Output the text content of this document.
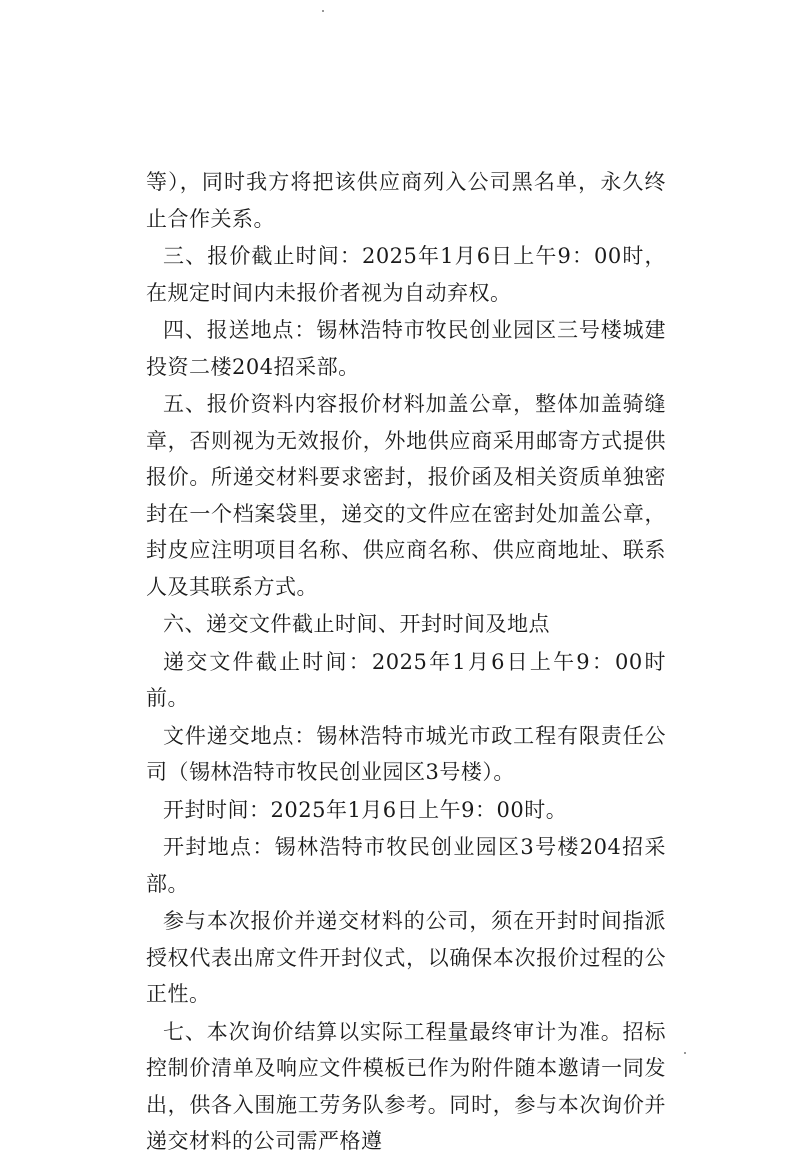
等），同时我方将把该供应商列入公司黑名单，永久终止合作关系。

三、报价截止时间：2025年1月6日上午9：00时，在规定时间内未报价者视为自动弃权。

四、报送地点：锡林浩特市牧民创业园区三号楼城建投资二楼204招采部。

五、报价资料内容报价材料加盖公章，整体加盖骑缝章，否则视为无效报价，外地供应商采用邮寄方式提供报价。所递交材料要求密封，报价函及相关资质单独密封在一个档案袋里，递交的文件应在密封处加盖公章，封皮应注明项目名称、供应商名称、供应商地址、联系人及其联系方式。

六、递交文件截止时间、开封时间及地点

递交文件截止时间：2025年1月6日上午9：00时前。

文件递交地点：锡林浩特市城光市政工程有限责任公司（锡林浩特市牧民创业园区3号楼）。

开封时间：2025年1月6日上午9：00时。

开封地点：锡林浩特市牧民创业园区3号楼204招采部。

参与本次报价并递交材料的公司，须在开封时间指派授权代表出席文件开封仪式，以确保本次报价过程的公正性。

七、本次询价结算以实际工程量最终审计为准。招标控制价清单及响应文件模板已作为附件随本邀请一同发出，供各入围施工劳务队参考。同时，参与本次询价并递交材料的公司需严格遵
